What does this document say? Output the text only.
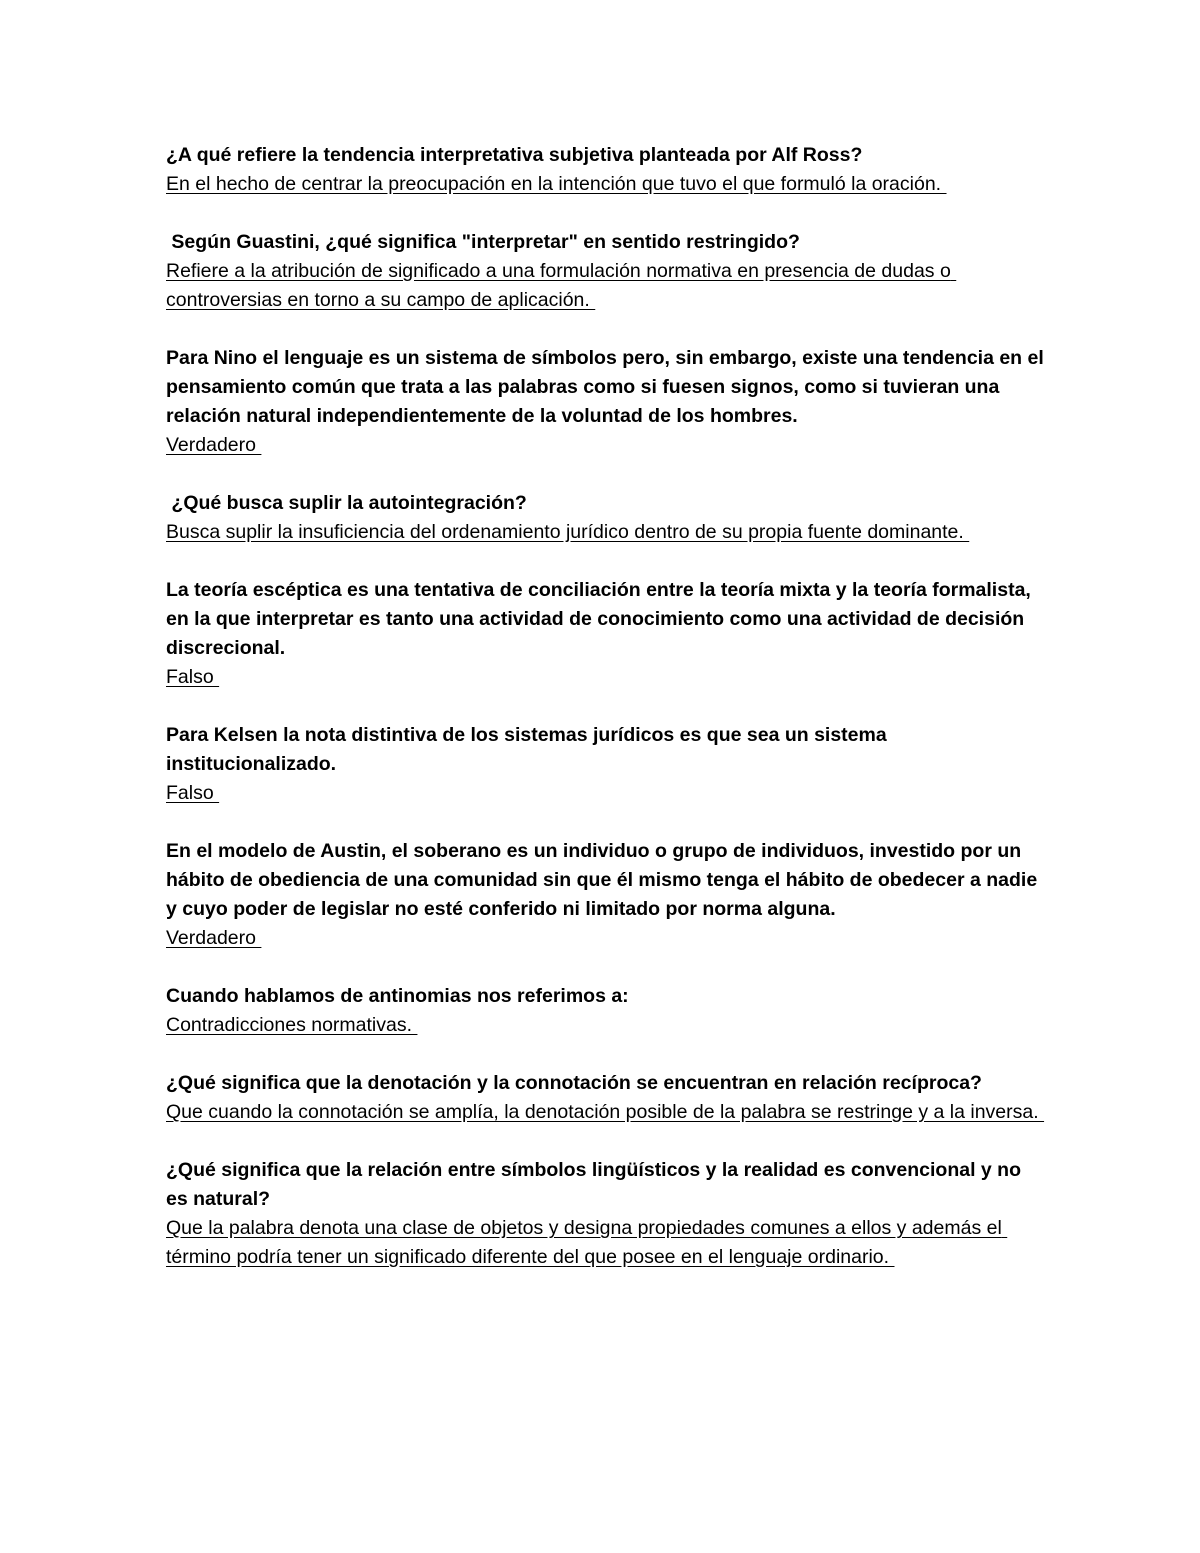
¿A qué refiere la tendencia interpretativa subjetiva planteada por Alf Ross?

En el hecho de centrar la preocupación en la intención que tuvo el que formuló la oración.

Según Guastini, ¿qué significa "interpretar" en sentido restringido?

Refiere a la atribución de significado a una formulación normativa en presencia de dudas o controversias en torno a su campo de aplicación.

Para Nino el lenguaje es un sistema de símbolos pero, sin embargo, existe una tendencia en el pensamiento común que trata a las palabras como si fuesen signos, como si tuvieran una relación natural independientemente de la voluntad de los hombres.

Verdadero

¿Qué busca suplir la autointegración?

Busca suplir la insuficiencia del ordenamiento jurídico dentro de su propia fuente dominante.

La teoría escéptica es una tentativa de conciliación entre la teoría mixta y la teoría formalista, en la que interpretar es tanto una actividad de conocimiento como una actividad de decisión discrecional.

Falso

Para Kelsen la nota distintiva de los sistemas jurídicos es que sea un sistema institucionalizado.

Falso

En el modelo de Austin, el soberano es un individuo o grupo de individuos, investido por un hábito de obediencia de una comunidad sin que él mismo tenga el hábito de obedecer a nadie y cuyo poder de legislar no esté conferido ni limitado por norma alguna.

Verdadero

Cuando hablamos de antinomias nos referimos a:

Contradicciones normativas.

¿Qué significa que la denotación y la connotación se encuentran en relación recíproca?

Que cuando la connotación se amplía, la denotación posible de la palabra se restringe y a la inversa.

¿Qué significa que la relación entre símbolos lingüísticos y la realidad es convencional y no es natural?

Que la palabra denota una clase de objetos y designa propiedades comunes a ellos y además el término podría tener un significado diferente del que posee en el lenguaje ordinario.
